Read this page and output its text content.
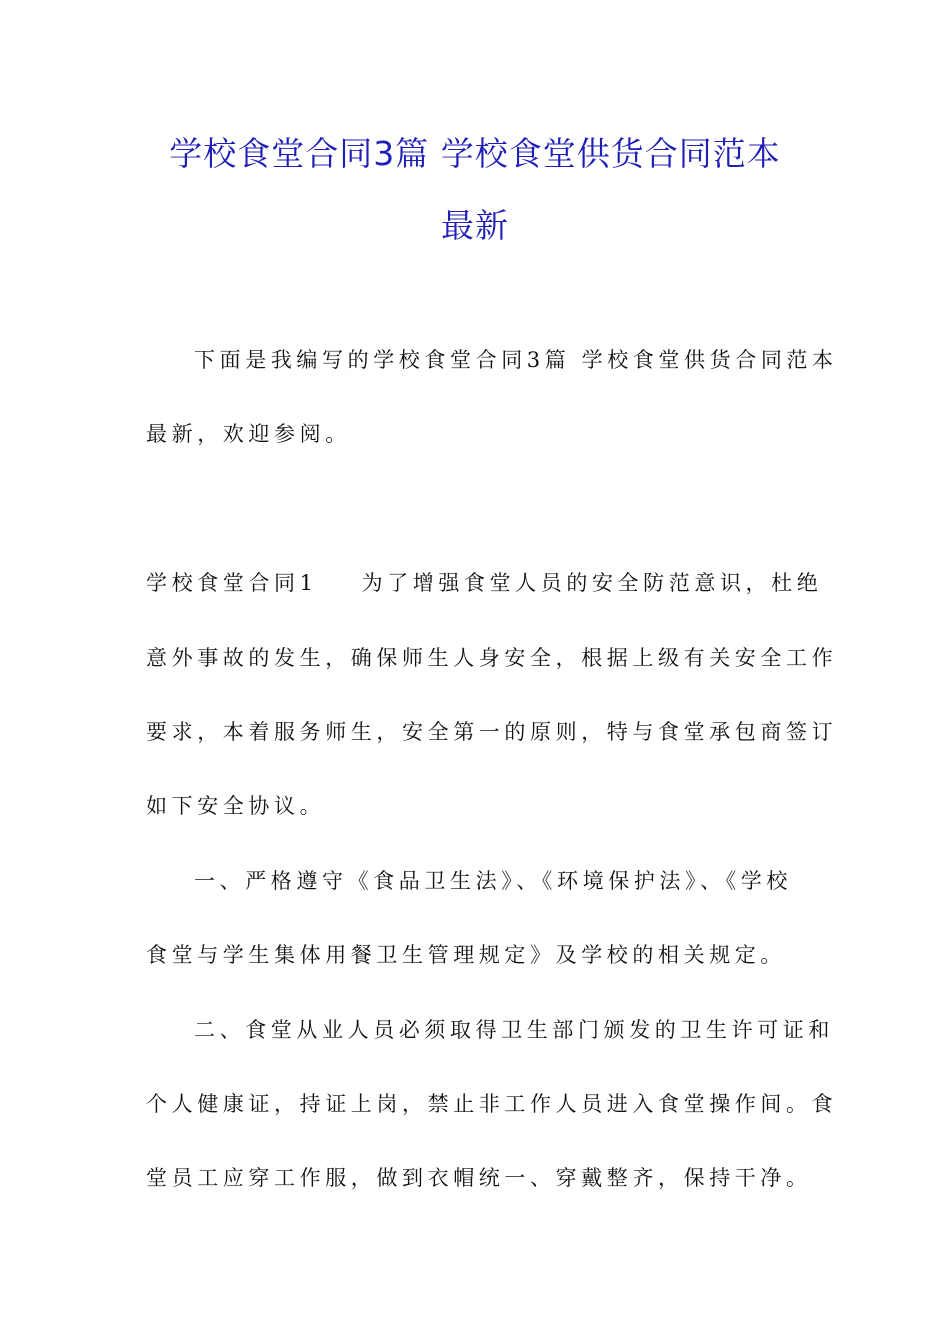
学校食堂合同3篇 学校食堂供货合同范本
最新
下面是我编写的学校食堂合同3篇 学校食堂供货合同范本
最新，欢迎参阅。
学校食堂合同1 为了增强食堂人员的安全防范意识，杜绝
意外事故的发生，确保师生人身安全，根据上级有关安全工作
要求，本着服务师生，安全第一的原则，特与食堂承包商签订
如下安全协议。
一、严格遵守《食品卫生法》、《环境保护法》、《学校
食堂与学生集体用餐卫生管理规定》及学校的相关规定。
二、食堂从业人员必须取得卫生部门颁发的卫生许可证和
个人健康证，持证上岗，禁止非工作人员进入食堂操作间。食
堂员工应穿工作服，做到衣帽统一、穿戴整齐，保持干净。
